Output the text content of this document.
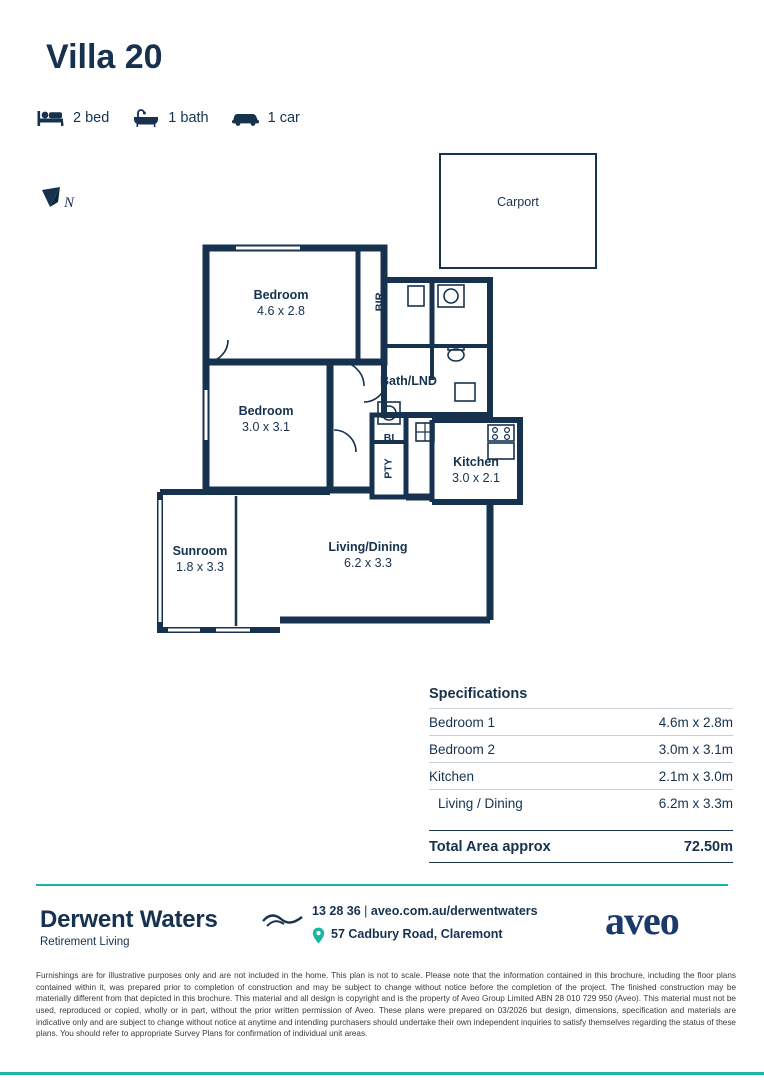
Villa 20
2 bed	1 bath	1 car
N	Carport
Bedroom
4.6 x 2.8	BIR
Bedroom
3.0 x 3.1
Bath/LND
BI
PTY	Kitchen
3.0 x 2.1
Sunroom
1.8 x 3.3
Living/Dining
6.2 x 3.3
Specifications
Bedroom 1	4.6m x 2.8m
Bedroom 2	3.0m x 3.1m
Kitchen	2.1m x 3.0m
Living / Dining	6.2m x 3.3m
Total Area approx	72.50m
Derwent Waters
Retirement Living
13 28 36 | aveo.com.au/derwentwaters
57 Cadbury Road, Claremont	aveo
Furnishings are for illustrative purposes only and are not included in the home. This plan is not to scale. Please note that the information contained in this brochure, including the floor plans contained within it, was prepared prior to completion of construction and may be subject to change without notice before the completion of the project. The finished construction may be materially different from that depicted in this brochure. This material and all design is copyright and is the property of Aveo Group Limited ABN 28 010 729 950 (Aveo). This material must not be used, reproduced or copied, wholly or in part, without the prior written permission of Aveo. These plans were prepared on 03/2026 but design, dimensions, specification and materials are indicative only and are subject to change without notice at anytime and intending purchasers should undertake their own independent inquiries to satisfy themselves regarding the status of these plans. You should refer to appropriate Survey Plans for confirmation of individual unit areas.
